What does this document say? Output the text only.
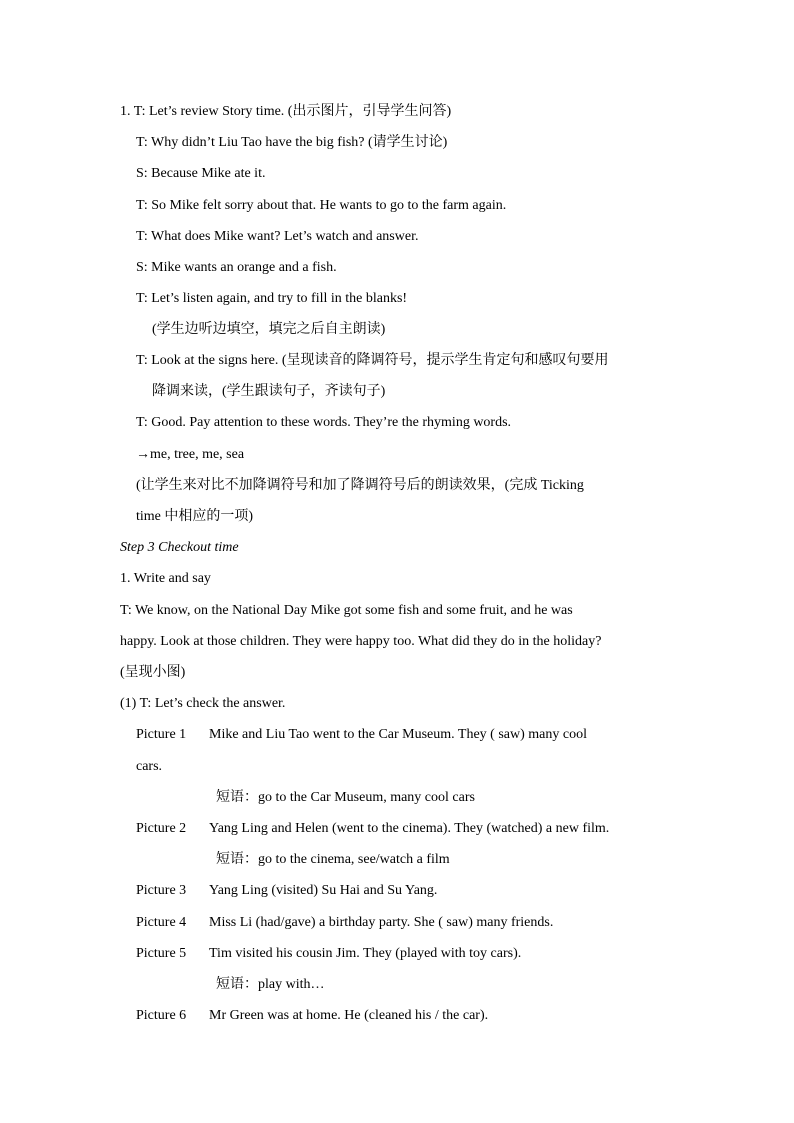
1. T: Let’s review Story time. (出示图片，引导学生问答)
T: Why didn’t Liu Tao have the big fish? (请学生讨论)
S: Because Mike ate it.
T: So Mike felt sorry about that. He wants to go to the farm again.
T: What does Mike want? Let’s watch and answer.
S: Mike wants an orange and a fish.
T: Let’s listen again, and try to fill in the blanks!
(学生边听边填空，填完之后自主朗读)
T: Look at the signs here. (呈现读音的降调符号，提示学生肯定句和感叹句要用
降调来读，(学生跟读句子，齐读句子)
T: Good. Pay attention to these words. They’re the rhyming words.
→me, tree, me, sea
(让学生来对比不加降调符号和加了降调符号后的朗读效果，(完成 Ticking
time 中相应的一项)
Step 3 Checkout time
1. Write and say
T: We know, on the National Day Mike got some fish and some fruit, and he was
happy. Look at those children. They were happy too. What did they do in the holiday?
(呈现小图)
(1) T: Let’s check the answer.
Picture 1 Mike and Liu Tao went to the Car Museum. They ( saw) many cool
cars.
短语：go to the Car Museum, many cool cars
Picture 2 Yang Ling and Helen (went to the cinema). They (watched) a new film.
短语：go to the cinema, see/watch a film
Picture 3 Yang Ling (visited) Su Hai and Su Yang.
Picture 4 Miss Li (had/gave) a birthday party. She ( saw) many friends.
Picture 5 Tim visited his cousin Jim. They (played with toy cars).
短语：play with…
Picture 6 Mr Green was at home. He (cleaned his / the car).
